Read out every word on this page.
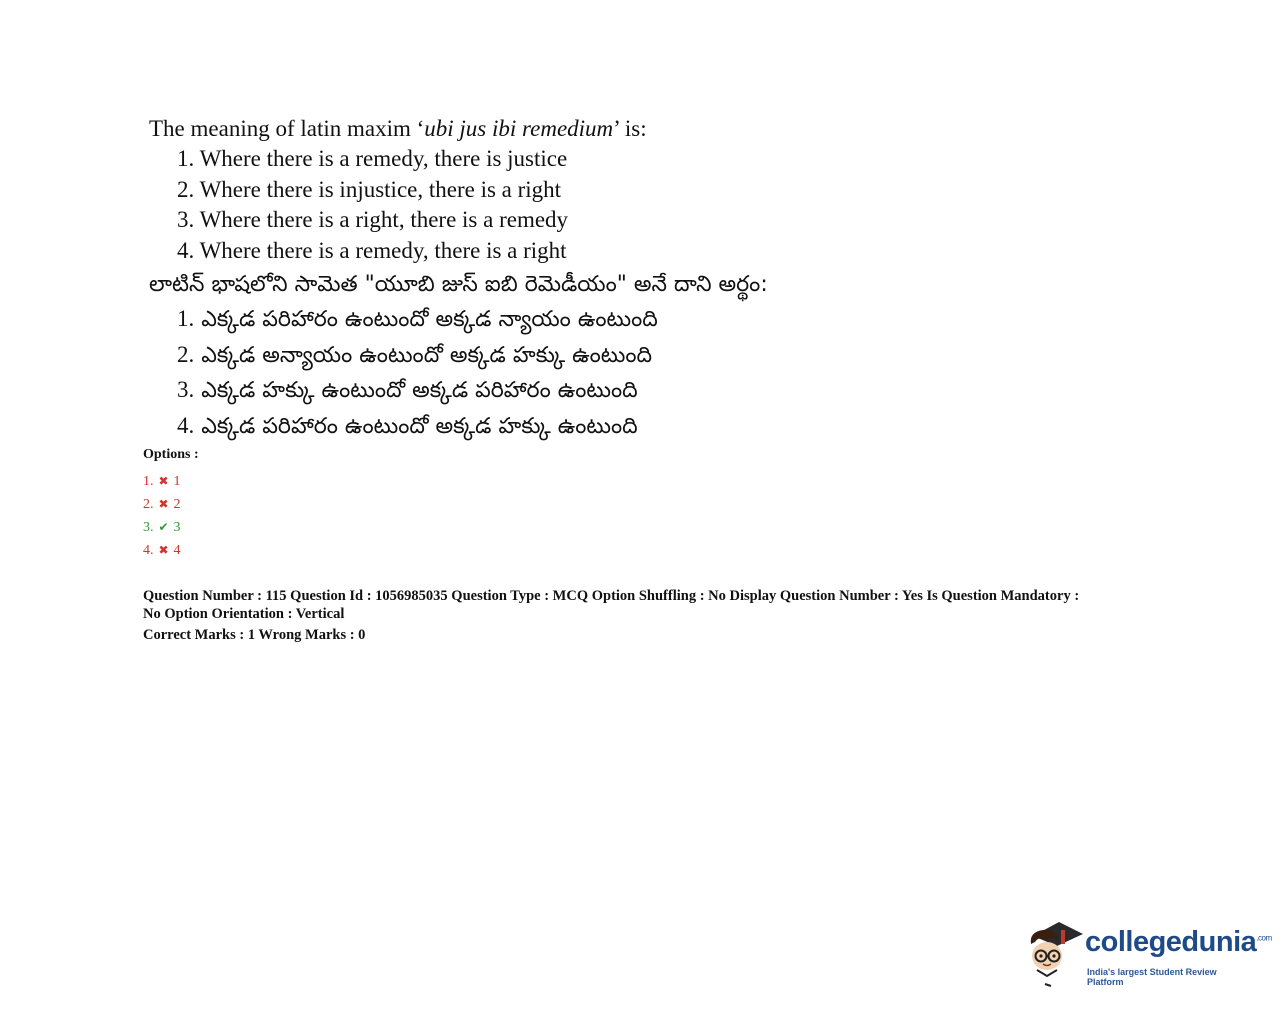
The meaning of latin maxim ‘ubi jus ibi remedium’ is:

1. Where there is a remedy, there is justice
2. Where there is injustice, there is a right
3. Where there is a right, there is a remedy
4. Where there is a remedy, there is a right

లాటిన్ భాషలోని సామెత "యూబి జుస్ ఐబి రెమెడీయం" అనే దాని అర్థం:

1. ఎక్కడ పరిహారం ఉంటుందో అక్కడ న్యాయం ఉంటుంది
2. ఎక్కడ అన్యాయం ఉంటుందో అక్కడ హక్కు ఉంటుంది
3. ఎక్కడ హక్కు ఉంటుందో అక్కడ పరిహారం ఉంటుంది
4. ఎక్కడ పరిహారం ఉంటుందో అక్కడ హక్కు ఉంటుంది
Options :
1. ✖ 1
2. ✖ 2
3. ✔ 3
4. ✖ 4
Question Number : 115 Question Id : 1056985035 Question Type : MCQ Option Shuffling : No Display Question Number : Yes Is Question Mandatory :
No Option Orientation : Vertical
Correct Marks : 1 Wrong Marks : 0
collegedunia$^{.com}$
India's largest Student Review Platform
